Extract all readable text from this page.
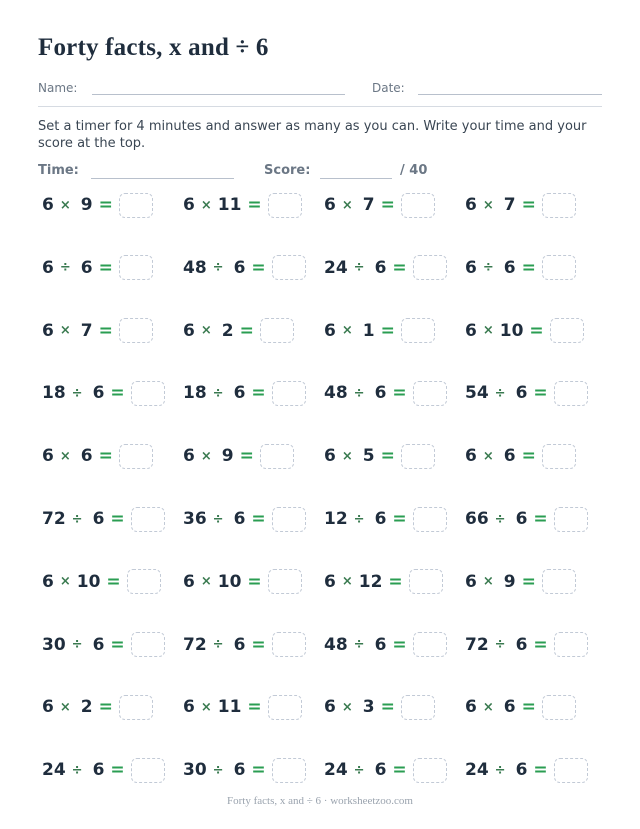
Forty facts, x and ÷ 6
Name:	Date:

Set a timer for 4 minutes and answer as many as you can. Write your time and your score at the top.

Time:	Score:	/ 40
6 × 9 =	6 × 11 =	6 × 7 =	6 × 7 =
6 ÷ 6 =	48 ÷ 6 =	24 ÷ 6 =	6 ÷ 6 =
6 × 7 =	6 × 2 =	6 × 1 =	6 × 10 =
18 ÷ 6 =	18 ÷ 6 =	48 ÷ 6 =	54 ÷ 6 =
6 × 6 =	6 × 9 =	6 × 5 =	6 × 6 =
72 ÷ 6 =	36 ÷ 6 =	12 ÷ 6 =	66 ÷ 6 =
6 × 10 =	6 × 10 =	6 × 12 =	6 × 9 =
30 ÷ 6 =	72 ÷ 6 =	48 ÷ 6 =	72 ÷ 6 =
6 × 2 =	6 × 11 =	6 × 3 =	6 × 6 =
24 ÷ 6 =	30 ÷ 6 =	24 ÷ 6 =	24 ÷ 6 =
Forty facts, x and ÷ 6 · worksheetzoo.com
